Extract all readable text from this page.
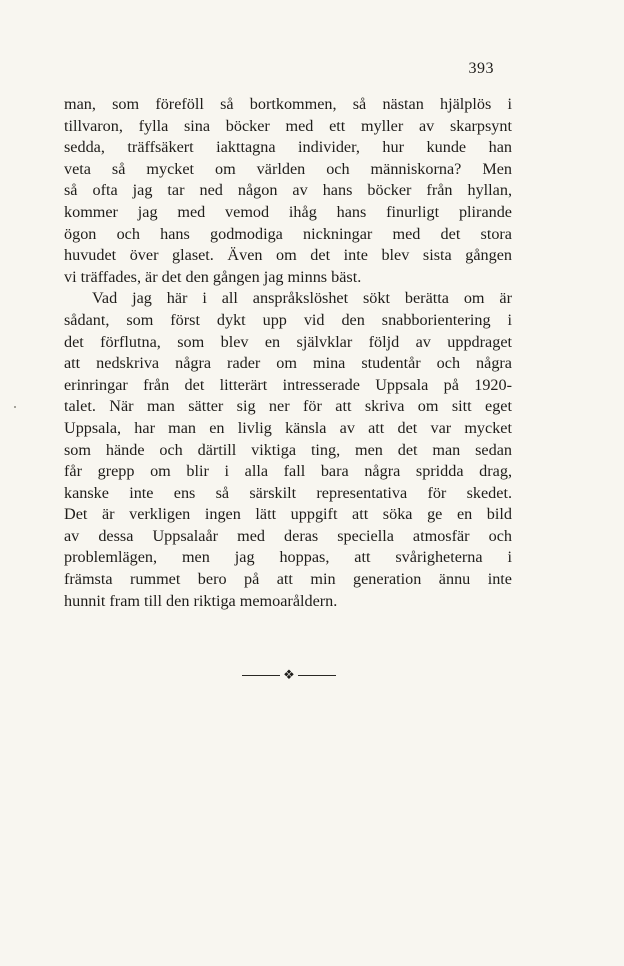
393
man, som föreföll så bortkommen, så nästan hjälplös i
tillvaron, fylla sina böcker med ett myller av skarpsynt
sedda, träffsäkert iakttagna individer, hur kunde han
veta så mycket om världen och människorna? Men
så ofta jag tar ned någon av hans böcker från hyllan,
kommer jag med vemod ihåg hans finurligt plirande
ögon och hans godmodiga nickningar med det stora
huvudet över glaset. Även om det inte blev sista gången
vi träffades, är det den gången jag minns bäst.
Vad jag här i all anspråkslöshet sökt berätta om är
sådant, som först dykt upp vid den snabborientering i
det förflutna, som blev en självklar följd av uppdraget
att nedskriva några rader om mina studentår och några
erinringar från det litterärt intresserade Uppsala på 1920-
talet. När man sätter sig ner för att skriva om sitt eget
Uppsala, har man en livlig känsla av att det var mycket
som hände och därtill viktiga ting, men det man sedan
får grepp om blir i alla fall bara några spridda drag,
kanske inte ens så särskilt representativa för skedet.
Det är verkligen ingen lätt uppgift att söka ge en bild
av dessa Uppsalaår med deras speciella atmosfär och
problemlägen, men jag hoppas, att svårigheterna i
främsta rummet bero på att min generation ännu inte
hunnit fram till den riktiga memoaråldern.
❖
